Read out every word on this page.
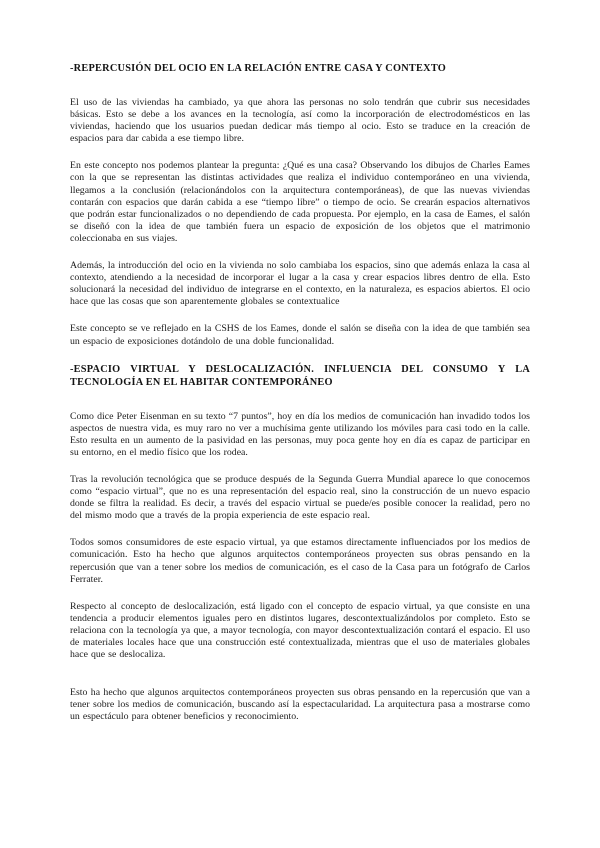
-REPERCUSIÓN DEL OCIO EN LA RELACIÓN ENTRE CASA Y CONTEXTO

El uso de las viviendas ha cambiado, ya que ahora las personas no solo tendrán que cubrir sus necesidades básicas. Esto se debe a los avances en la tecnología, así como la incorporación de electrodomésticos en las viviendas, haciendo que los usuarios puedan dedicar más tiempo al ocio. Esto se traduce en la creación de espacios para dar cabida a ese tiempo libre.

En este concepto nos podemos plantear la pregunta: ¿Qué es una casa? Observando los dibujos de Charles Eames con la que se representan las distintas actividades que realiza el individuo contemporáneo en una vivienda, llegamos a la conclusión (relacionándolos con la arquitectura contemporáneas), de que las nuevas viviendas contarán con espacios que darán cabida a ese “tiempo libre” o tiempo de ocio. Se crearán espacios alternativos que podrán estar funcionalizados o no dependiendo de cada propuesta. Por ejemplo, en la casa de Eames, el salón se diseñó con la idea de que también fuera un espacio de exposición de los objetos que el matrimonio coleccionaba en sus viajes.

Además, la introducción del ocio en la vivienda no solo cambiaba los espacios, sino que además enlaza la casa al contexto, atendiendo a la necesidad de incorporar el lugar a la casa y crear espacios libres dentro de ella. Esto solucionará la necesidad del individuo de integrarse en el contexto, en la naturaleza, es espacios abiertos. El ocio hace que las cosas que son aparentemente globales se contextualice

Este concepto se ve reflejado en la CSHS de los Eames, donde el salón se diseña con la idea de que también sea un espacio de exposiciones dotándolo de una doble funcionalidad.

-ESPACIO VIRTUAL Y DESLOCALIZACIÓN. INFLUENCIA DEL CONSUMO Y LA TECNOLOGÍA EN EL HABITAR CONTEMPORÁNEO

Como dice Peter Eisenman en su texto “7 puntos”, hoy en día los medios de comunicación han invadido todos los aspectos de nuestra vida, es muy raro no ver a muchísima gente utilizando los móviles para casi todo en la calle. Esto resulta en un aumento de la pasividad en las personas, muy poca gente hoy en día es capaz de participar en su entorno, en el medio físico que los rodea.

Tras la revolución tecnológica que se produce después de la Segunda Guerra Mundial aparece lo que conocemos como “espacio virtual”, que no es una representación del espacio real, sino la construcción de un nuevo espacio donde se filtra la realidad. Es decir, a través del espacio virtual se puede/es posible conocer la realidad, pero no del mismo modo que a través de la propia experiencia de este espacio real.

Todos somos consumidores de este espacio virtual, ya que estamos directamente influenciados por los medios de comunicación. Esto ha hecho que algunos arquitectos contemporáneos proyecten sus obras pensando en la repercusión que van a tener sobre los medios de comunicación, es el caso de la Casa para un fotógrafo de Carlos Ferrater.

Respecto al concepto de deslocalización, está ligado con el concepto de espacio virtual, ya que consiste en una tendencia a producir elementos iguales pero en distintos lugares, descontextualizándolos por completo. Esto se relaciona con la tecnología ya que, a mayor tecnología, con mayor descontextualización contará el espacio. El uso de materiales locales hace que una construcción esté contextualizada, mientras que el uso de materiales globales hace que se deslocaliza.

Esto ha hecho que algunos arquitectos contemporáneos proyecten sus obras pensando en la repercusión que van a tener sobre los medios de comunicación, buscando así la espectacularidad. La arquitectura pasa a mostrarse como un espectáculo para obtener beneficios y reconocimiento.
